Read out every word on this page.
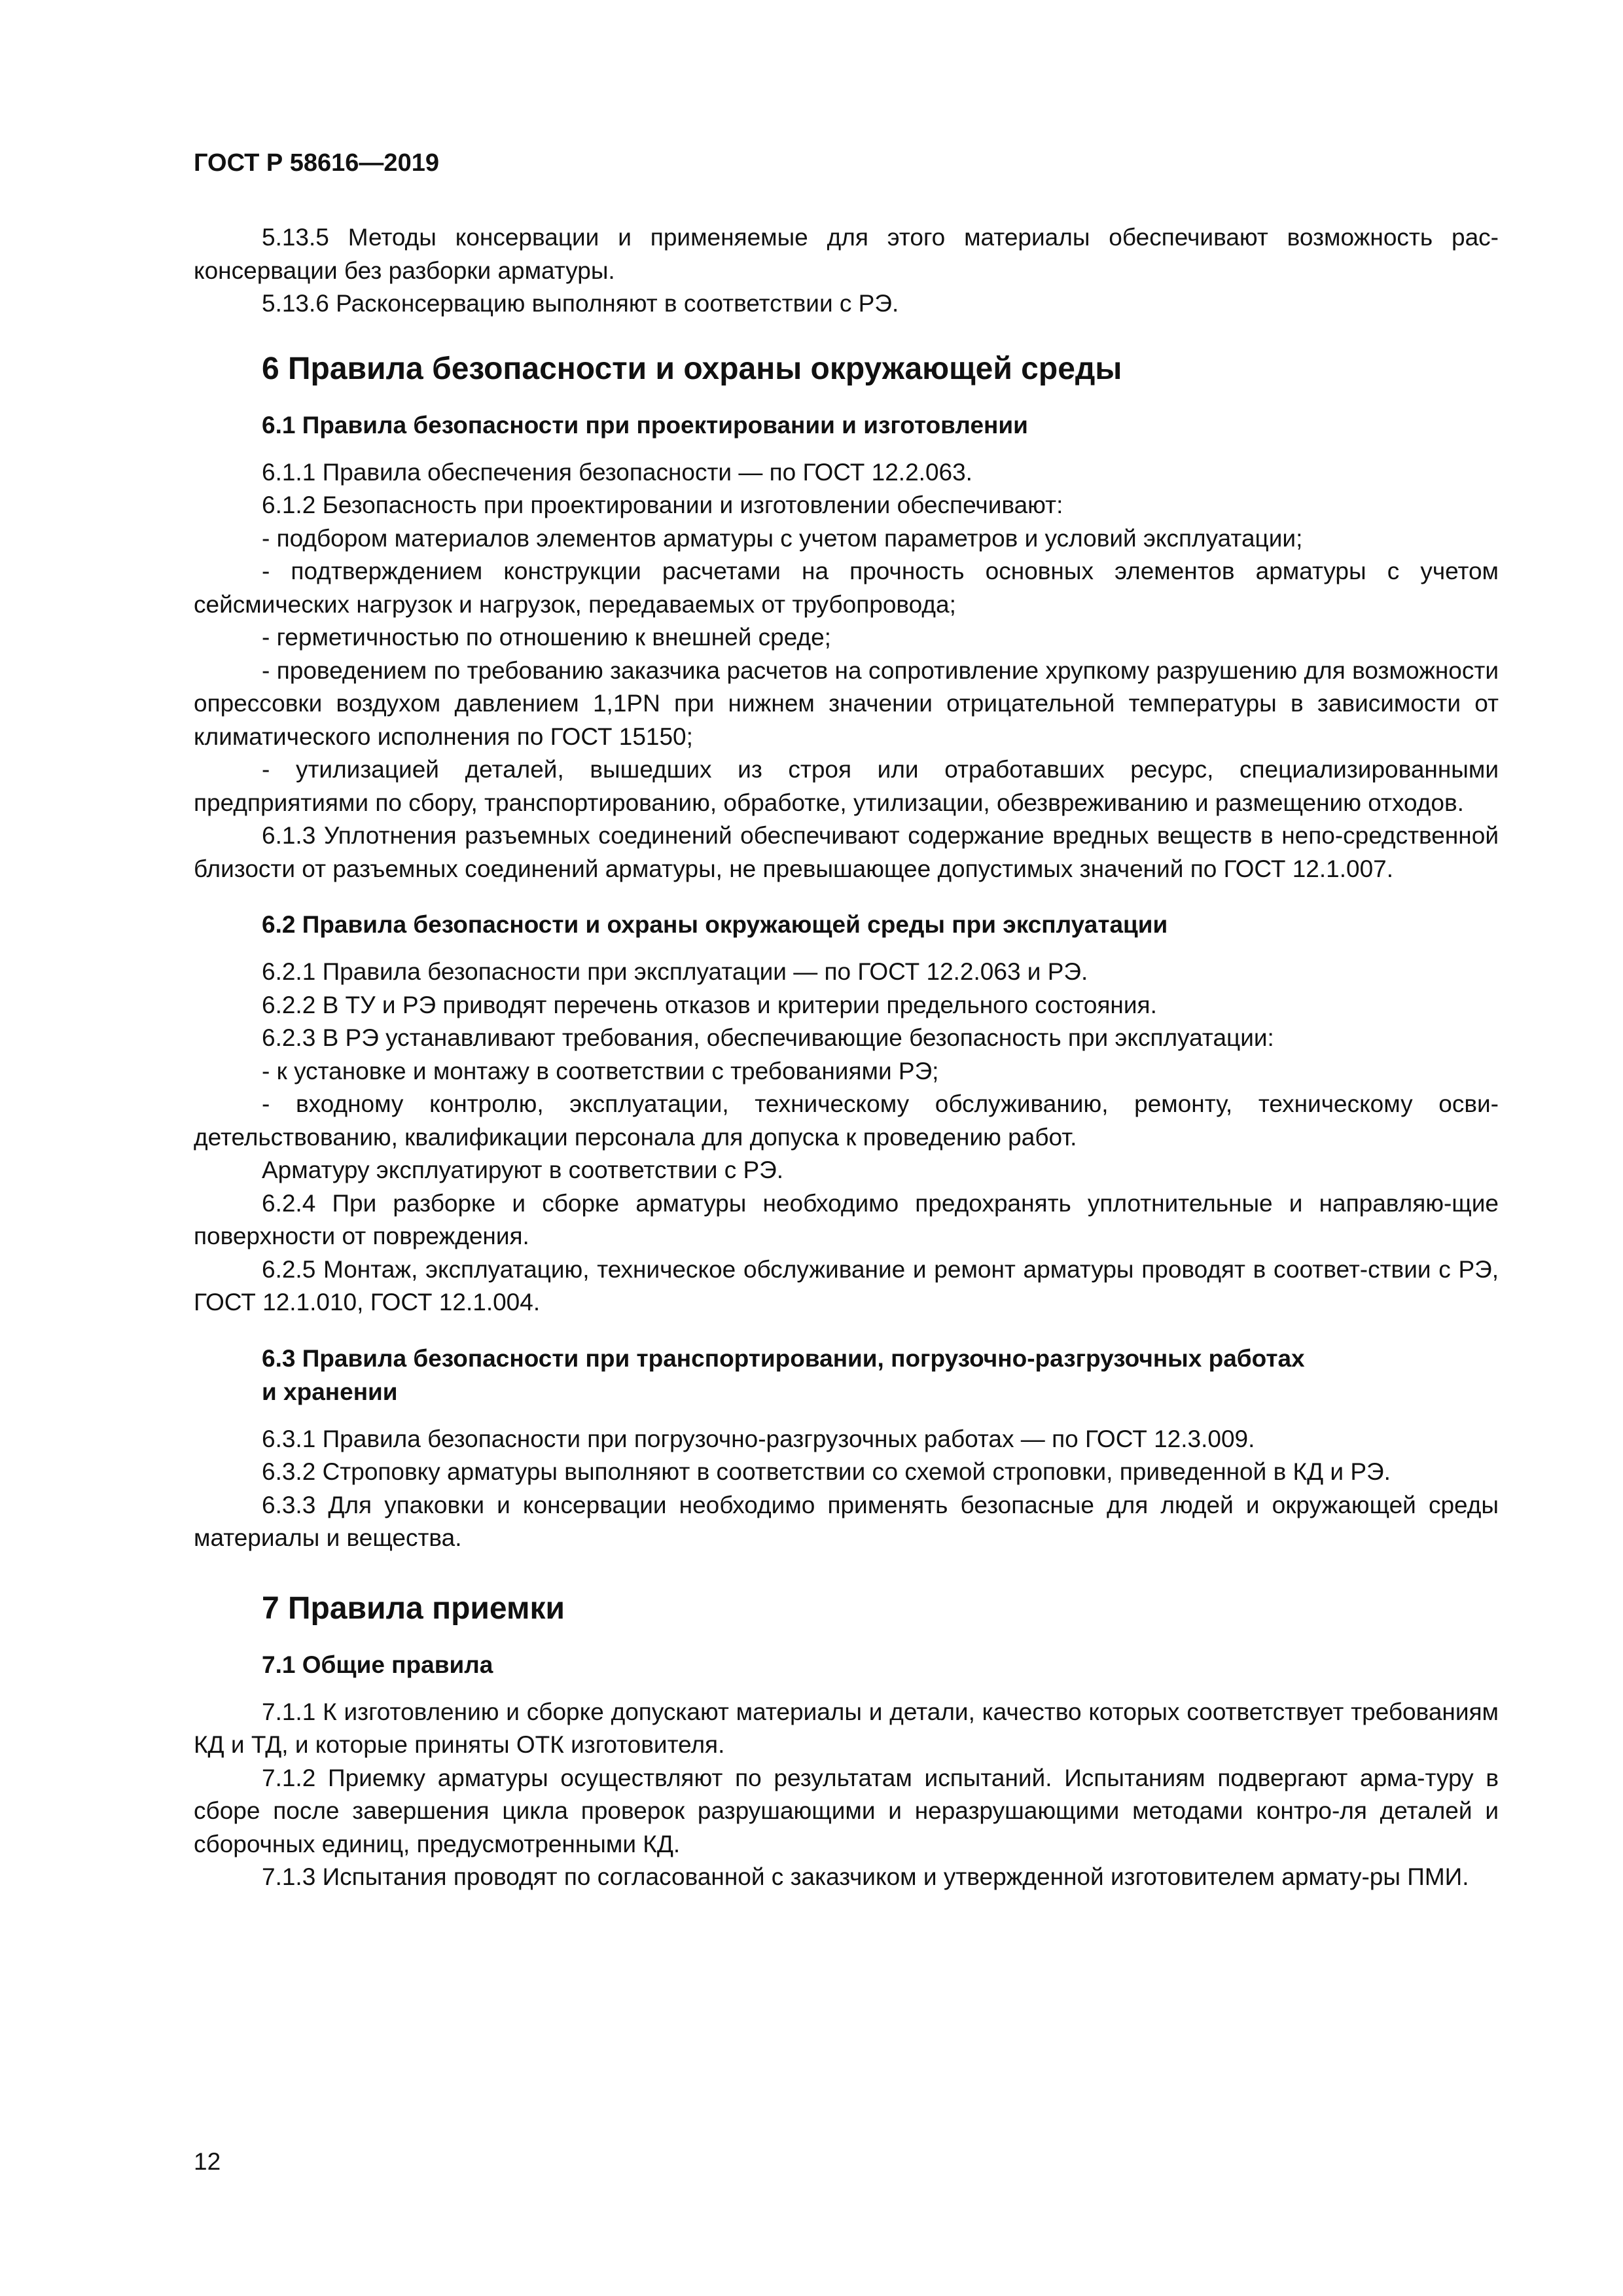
ГОСТ Р 58616—2019

5.13.5 Методы консервации и применяемые для этого материалы обеспечивают возможность рас-консервации без разборки арматуры.

5.13.6 Расконсервацию выполняют в соответствии с РЭ.

6 Правила безопасности и охраны окружающей среды
6.1 Правила безопасности при проектировании и изготовлении

6.1.1 Правила обеспечения безопасности — по ГОСТ 12.2.063.

6.1.2 Безопасность при проектировании и изготовлении обеспечивают:

- подбором материалов элементов арматуры с учетом параметров и условий эксплуатации;

- подтверждением конструкции расчетами на прочность основных элементов арматуры с учетом сейсмических нагрузок и нагрузок, передаваемых от трубопровода;

- герметичностью по отношению к внешней среде;

- проведением по требованию заказчика расчетов на сопротивление хрупкому разрушению для возможности опрессовки воздухом давлением 1,1PN при нижнем значении отрицательной температуры в зависимости от климатического исполнения по ГОСТ 15150;

- утилизацией деталей, вышедших из строя или отработавших ресурс, специализированными предприятиями по сбору, транспортированию, обработке, утилизации, обезвреживанию и размещению отходов.

6.1.3 Уплотнения разъемных соединений обеспечивают содержание вредных веществ в непо-средственной близости от разъемных соединений арматуры, не превышающее допустимых значений по ГОСТ 12.1.007.

6.2 Правила безопасности и охраны окружающей среды при эксплуатации

6.2.1 Правила безопасности при эксплуатации — по ГОСТ 12.2.063 и РЭ.

6.2.2 В ТУ и РЭ приводят перечень отказов и критерии предельного состояния.

6.2.3 В РЭ устанавливают требования, обеспечивающие безопасность при эксплуатации:

- к установке и монтажу в соответствии с требованиями РЭ;

- входному контролю, эксплуатации, техническому обслуживанию, ремонту, техническому осви-детельствованию, квалификации персонала для допуска к проведению работ.

Арматуру эксплуатируют в соответствии с РЭ.

6.2.4 При разборке и сборке арматуры необходимо предохранять уплотнительные и направляю-щие поверхности от повреждения.

6.2.5 Монтаж, эксплуатацию, техническое обслуживание и ремонт арматуры проводят в соответ-ствии с РЭ, ГОСТ 12.1.010, ГОСТ 12.1.004.

6.3 Правила безопасности при транспортировании, погрузочно-разгрузочных работах
и хранении

6.3.1 Правила безопасности при погрузочно-разгрузочных работах — по ГОСТ 12.3.009.

6.3.2 Строповку арматуры выполняют в соответствии со схемой строповки, приведенной в КД и РЭ.

6.3.3 Для упаковки и консервации необходимо применять безопасные для людей и окружающей среды материалы и вещества.

7 Правила приемки
7.1 Общие правила

7.1.1 К изготовлению и сборке допускают материалы и детали, качество которых соответствует требованиям КД и ТД, и которые приняты ОТК изготовителя.

7.1.2 Приемку арматуры осуществляют по результатам испытаний. Испытаниям подвергают арма-туру в сборе после завершения цикла проверок разрушающими и неразрушающими методами контро-ля деталей и сборочных единиц, предусмотренными КД.

7.1.3 Испытания проводят по согласованной с заказчиком и утвержденной изготовителем армату-ры ПМИ.

12
